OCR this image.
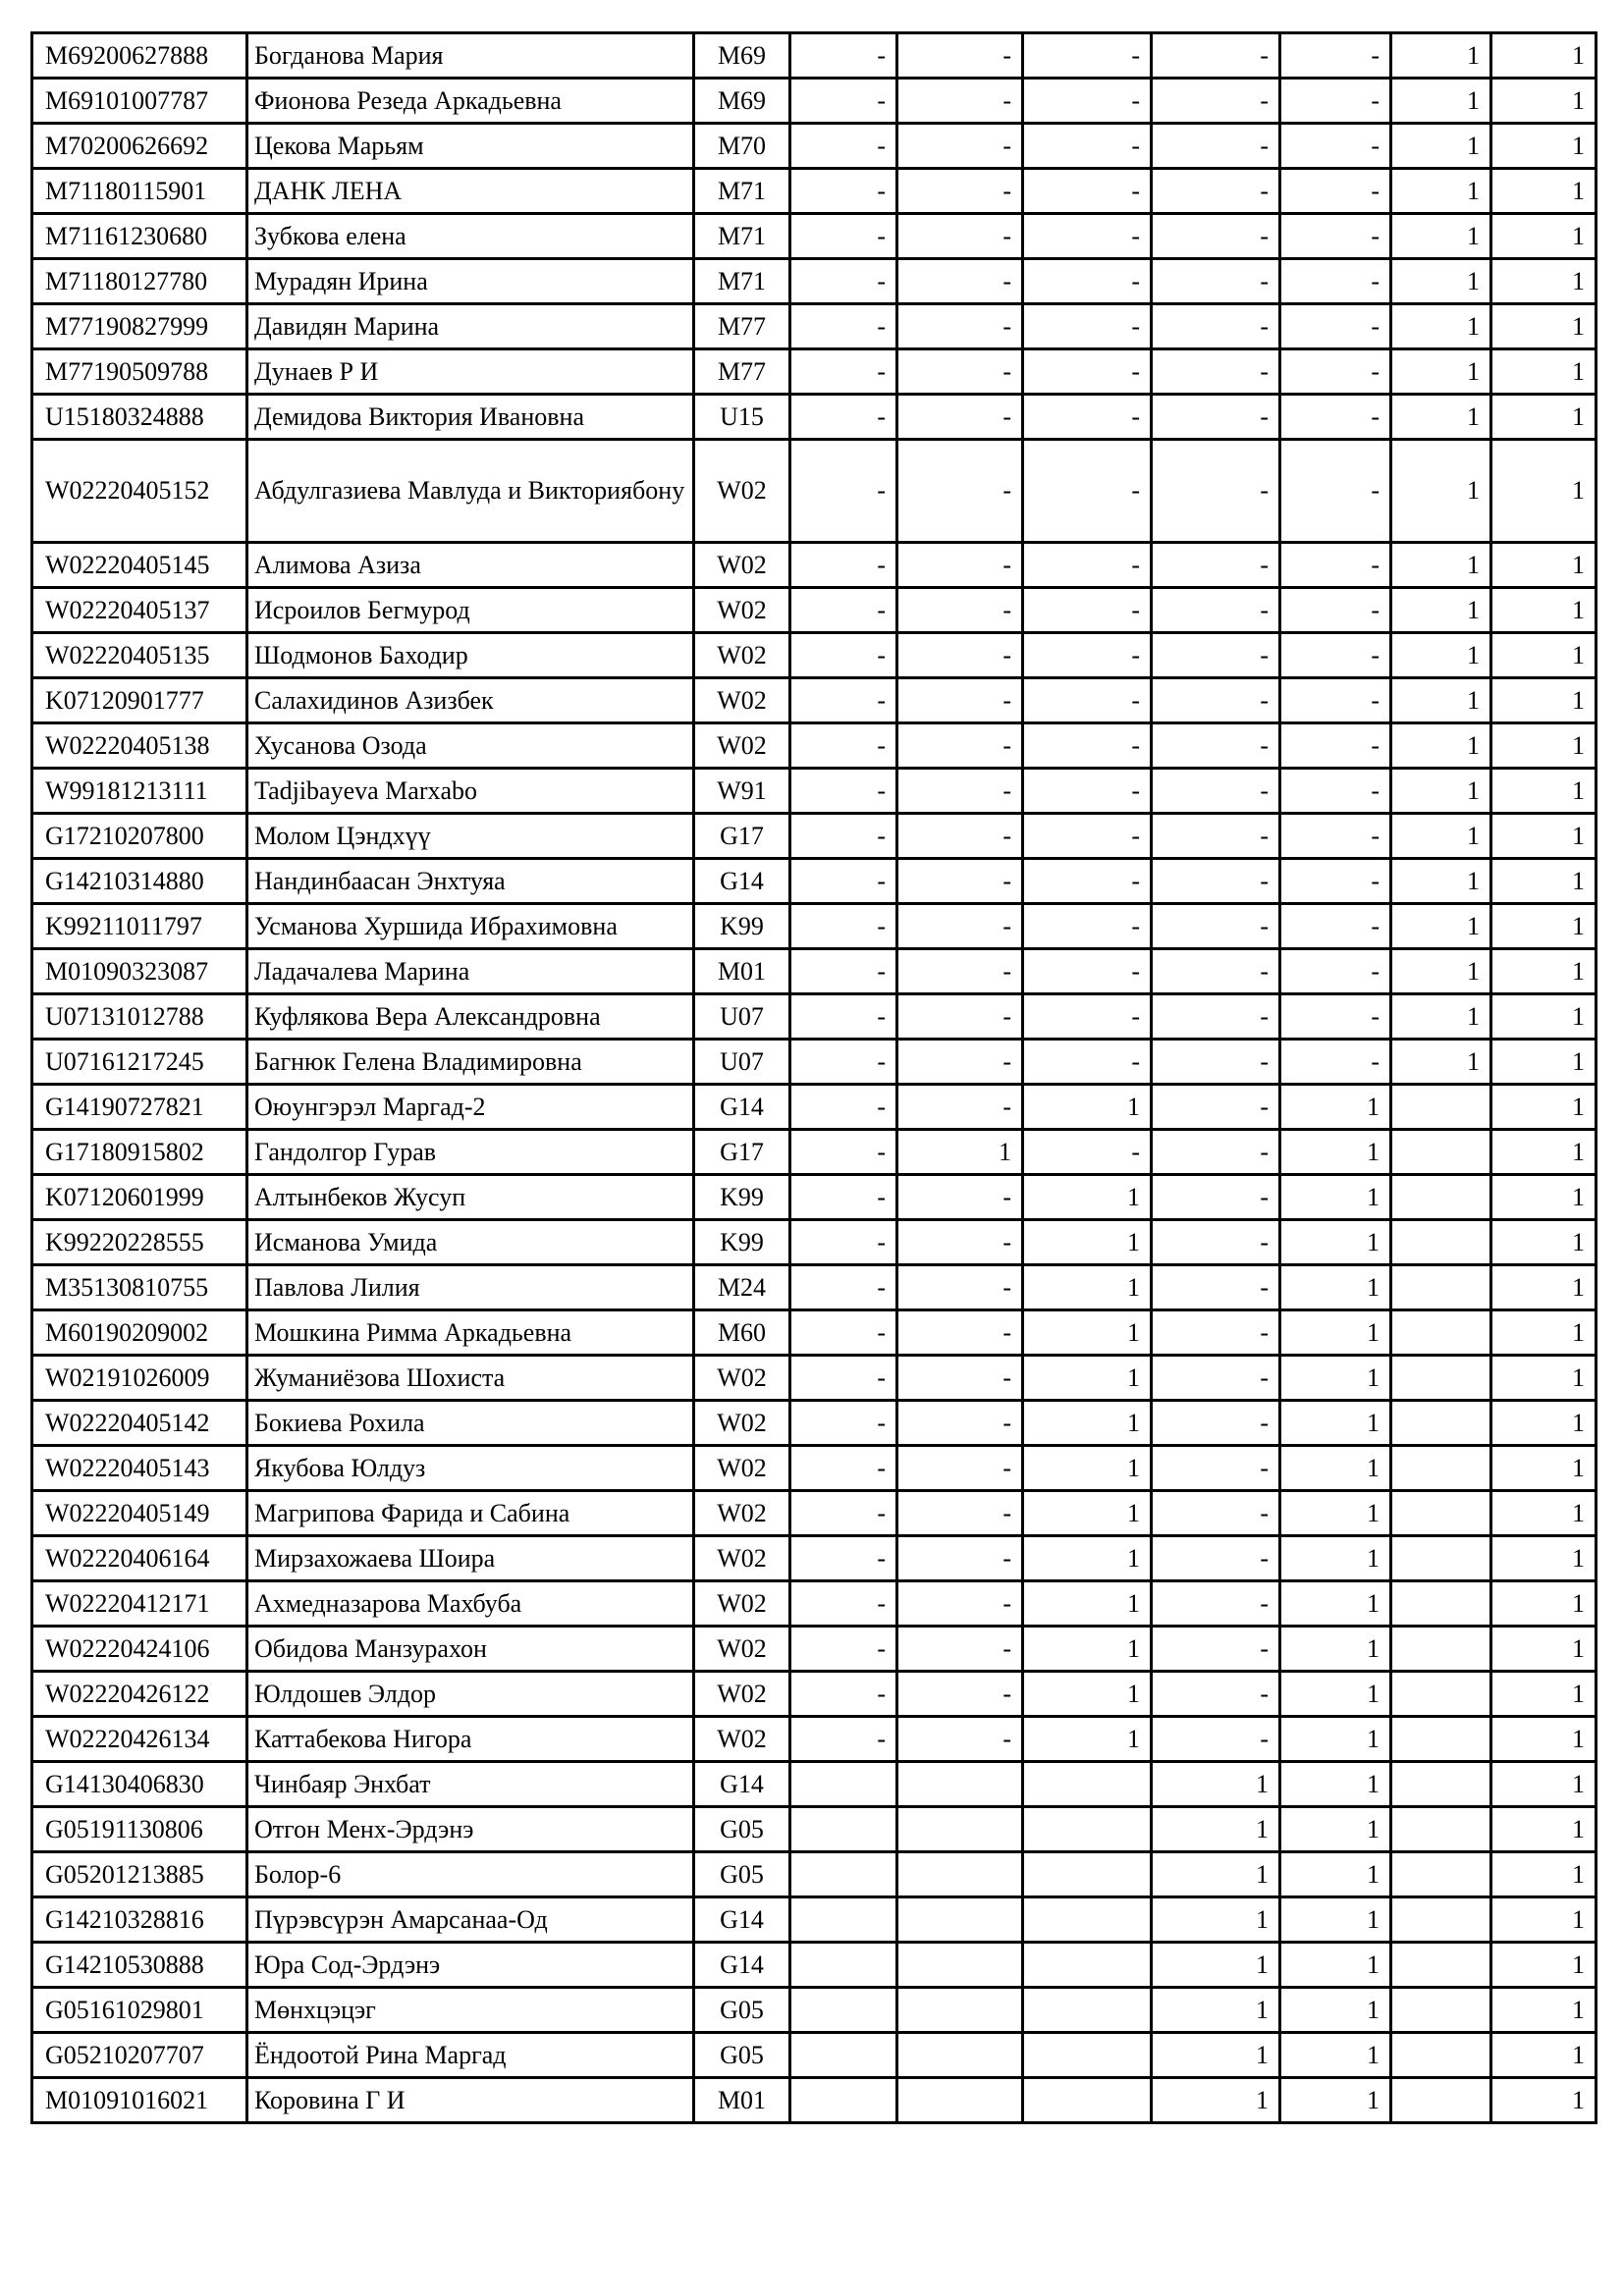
M69200627888	Богданова Мария	M69	-	-	-	-	-	1	1
M69101007787	Фионова Резеда Аркадьевна	M69	-	-	-	-	-	1	1
M70200626692	Цекова Марьям	M70	-	-	-	-	-	1	1
M71180115901	ДАНК ЛЕНА	M71	-	-	-	-	-	1	1
M71161230680	Зубкова елена	M71	-	-	-	-	-	1	1
M71180127780	Мурадян Ирина	M71	-	-	-	-	-	1	1
M77190827999	Давидян Марина	M77	-	-	-	-	-	1	1
M77190509788	Дунаев Р И	M77	-	-	-	-	-	1	1
U15180324888	Демидова Виктория Ивановна	U15	-	-	-	-	-	1	1
W02220405152	Абдулгазиева Мавлуда и Викториябону	W02	-	-	-	-	-	1	1
W02220405145	Алимова Азиза	W02	-	-	-	-	-	1	1
W02220405137	Исроилов Бегмурод	W02	-	-	-	-	-	1	1
W02220405135	Шодмонов Баходир	W02	-	-	-	-	-	1	1
K07120901777	Салахидинов Азизбек	W02	-	-	-	-	-	1	1
W02220405138	Хусанова Озода	W02	-	-	-	-	-	1	1
W99181213111	Tadjibayeva Marxabo	W91	-	-	-	-	-	1	1
G17210207800	Молом Цэндхүү	G17	-	-	-	-	-	1	1
G14210314880	Нандинбаасан Энхтуяа	G14	-	-	-	-	-	1	1
K99211011797	Усманова Хуршида Ибрахимовна	K99	-	-	-	-	-	1	1
M01090323087	Ладачалева Марина	M01	-	-	-	-	-	1	1
U07131012788	Куфлякова Вера Александровна	U07	-	-	-	-	-	1	1
U07161217245	Багнюк Гелена Владимировна	U07	-	-	-	-	-	1	1
G14190727821	Оюунгэрэл Маргад-2	G14	-	-	1	-	1		1
G17180915802	Гандолгор Гурав	G17	-	1	-	-	1		1
K07120601999	Алтынбеков Жусуп	K99	-	-	1	-	1		1
K99220228555	Исманова Умида	K99	-	-	1	-	1		1
M35130810755	Павлова Лилия	M24	-	-	1	-	1		1
M60190209002	Мошкина Римма Аркадьевна	M60	-	-	1	-	1		1
W02191026009	Жуманиёзова Шохиста	W02	-	-	1	-	1		1
W02220405142	Бокиева Рохила	W02	-	-	1	-	1		1
W02220405143	Якубова Юлдуз	W02	-	-	1	-	1		1
W02220405149	Магрипова Фарида и Сабина	W02	-	-	1	-	1		1
W02220406164	Мирзахожаева Шоира	W02	-	-	1	-	1		1
W02220412171	Ахмедназарова Махбуба	W02	-	-	1	-	1		1
W02220424106	Обидова Манзурахон	W02	-	-	1	-	1		1
W02220426122	Юлдошев Элдор	W02	-	-	1	-	1		1
W02220426134	Каттабекова Нигора	W02	-	-	1	-	1		1
G14130406830	Чинбаяр Энхбат	G14				1	1		1
G05191130806	Отгон Менх-Эрдэнэ	G05				1	1		1
G05201213885	Болор-6	G05				1	1		1
G14210328816	Пүрэвсүрэн Амарсанаа-Од	G14				1	1		1
G14210530888	Юра Сод-Эрдэнэ	G14				1	1		1
G05161029801	Мөнхцэцэг	G05				1	1		1
G05210207707	Ёндоотой Рина Маргад	G05				1	1		1
M01091016021	Коровина Г И	M01				1	1		1
